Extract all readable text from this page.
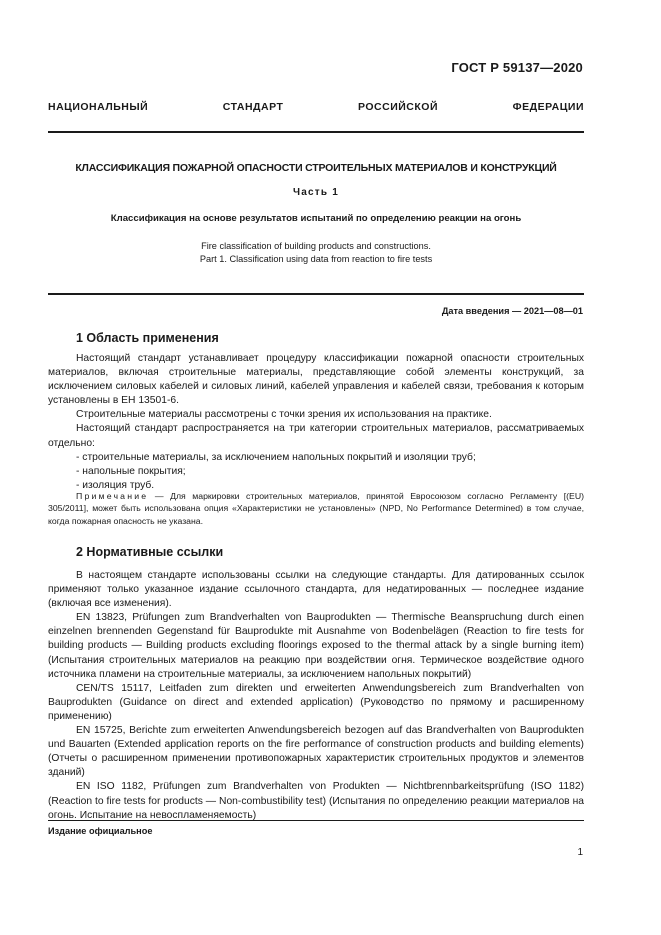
ГОСТ Р 59137—2020
НАЦИОНАЛЬНЫЙ СТАНДАРТ РОССИЙСКОЙ ФЕДЕРАЦИИ
КЛАССИФИКАЦИЯ ПОЖАРНОЙ ОПАСНОСТИ СТРОИТЕЛЬНЫХ МАТЕРИАЛОВ И КОНСТРУКЦИЙ
Часть 1
Классификация на основе результатов испытаний по определению реакции на огонь
Fire classification of building products and constructions.
Part 1. Classification using data from reaction to fire tests
Дата введения — 2021—08—01
1 Область применения

Настоящий стандарт устанавливает процедуру классификации пожарной опасности строительных материалов, включая строительные материалы, представляющие собой элементы конструкций, за исключением силовых кабелей и силовых линий, кабелей управления и кабелей связи, требования к которым установлены в ЕН 13501-6.

Строительные материалы рассмотрены с точки зрения их использования на практике.

Настоящий стандарт распространяется на три категории строительных материалов, рассматриваемых отдельно:

- строительные материалы, за исключением напольных покрытий и изоляции труб;

- напольные покрытия;

- изоляция труб.

Примечание — Для маркировки строительных материалов, принятой Евросоюзом согласно Регламенту [(EU) 305/2011], может быть использована опция «Характеристики не установлены» (NPD, No Performance Determined) в том случае, когда пожарная опасность не указана.
2 Нормативные ссылки

В настоящем стандарте использованы ссылки на следующие стандарты. Для датированных ссылок применяют только указанное издание ссылочного стандарта, для недатированных — последнее издание (включая все изменения).

EN 13823, Prüfungen zum Brandverhalten von Bauprodukten — Thermische Beanspruchung durch einen einzelnen brennenden Gegenstand für Bauprodukte mit Ausnahme von Bodenbelägen (Reaction to fire tests for building products — Building products excluding floorings exposed to the thermal attack by a single burning item) (Испытания строительных материалов на реакцию при воздействии огня. Термическое воздействие одного источника пламени на строительные материалы, за исключением напольных покрытий)

CEN/TS 15117, Leitfaden zum direkten und erweiterten Anwendungsbereich zum Brandverhalten von Bauprodukten (Guidance on direct and extended application) (Руководство по прямому и расширенному применению)

EN 15725, Berichte zum erweiterten Anwendungsbereich bezogen auf das Brandverhalten von Bauprodukten und Bauarten (Extended application reports on the fire performance of construction products and building elements) (Отчеты о расширенном применении противопожарных характеристик строительных продуктов и элементов зданий)

EN ISO 1182, Prüfungen zum Brandverhalten von Produkten — Nichtbrennbarkeitsprüfung (ISO 1182) (Reaction to fire tests for products — Non-combustibility test) (Испытания по определению реакции материалов на огонь. Испытание на невоспламеняемость)

Издание официальное
1
